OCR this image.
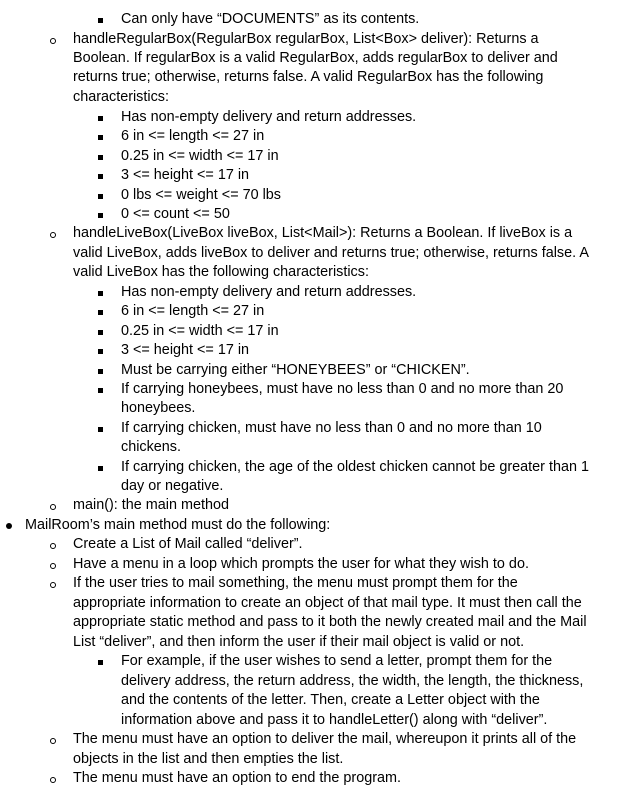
Can only have “DOCUMENTS” as its contents.
handleRegularBox(RegularBox regularBox, List<Box> deliver): Returns a
Boolean. If regularBox is a valid RegularBox, adds regularBox to deliver and
returns true; otherwise, returns false. A valid RegularBox has the following
characteristics:
Has non-empty delivery and return addresses.
6 in <= length <= 27 in
0.25 in <= width <= 17 in
3 <= height <= 17 in
0 lbs <= weight <= 70 lbs
0 <= count <= 50
handleLiveBox(LiveBox liveBox, List<Mail>): Returns a Boolean. If liveBox is a
valid LiveBox, adds liveBox to deliver and returns true; otherwise, returns false. A
valid LiveBox has the following characteristics:
Has non-empty delivery and return addresses.
6 in <= length <= 27 in
0.25 in <= width <= 17 in
3 <= height <= 17 in
Must be carrying either “HONEYBEES” or “CHICKEN”.
If carrying honeybees, must have no less than 0 and no more than 20
honeybees.
If carrying chicken, must have no less than 0 and no more than 10
chickens.
If carrying chicken, the age of the oldest chicken cannot be greater than 1
day or negative.
main(): the main method
MailRoom’s main method must do the following:
Create a List of Mail called “deliver”.
Have a menu in a loop which prompts the user for what they wish to do.
If the user tries to mail something, the menu must prompt them for the
appropriate information to create an object of that mail type. It must then call the
appropriate static method and pass to it both the newly created mail and the Mail
List “deliver”, and then inform the user if their mail object is valid or not.
For example, if the user wishes to send a letter, prompt them for the
delivery address, the return address, the width, the length, the thickness,
and the contents of the letter. Then, create a Letter object with the
information above and pass it to handleLetter() along with “deliver”.
The menu must have an option to deliver the mail, whereupon it prints all of the
objects in the list and then empties the list.
The menu must have an option to end the program.
